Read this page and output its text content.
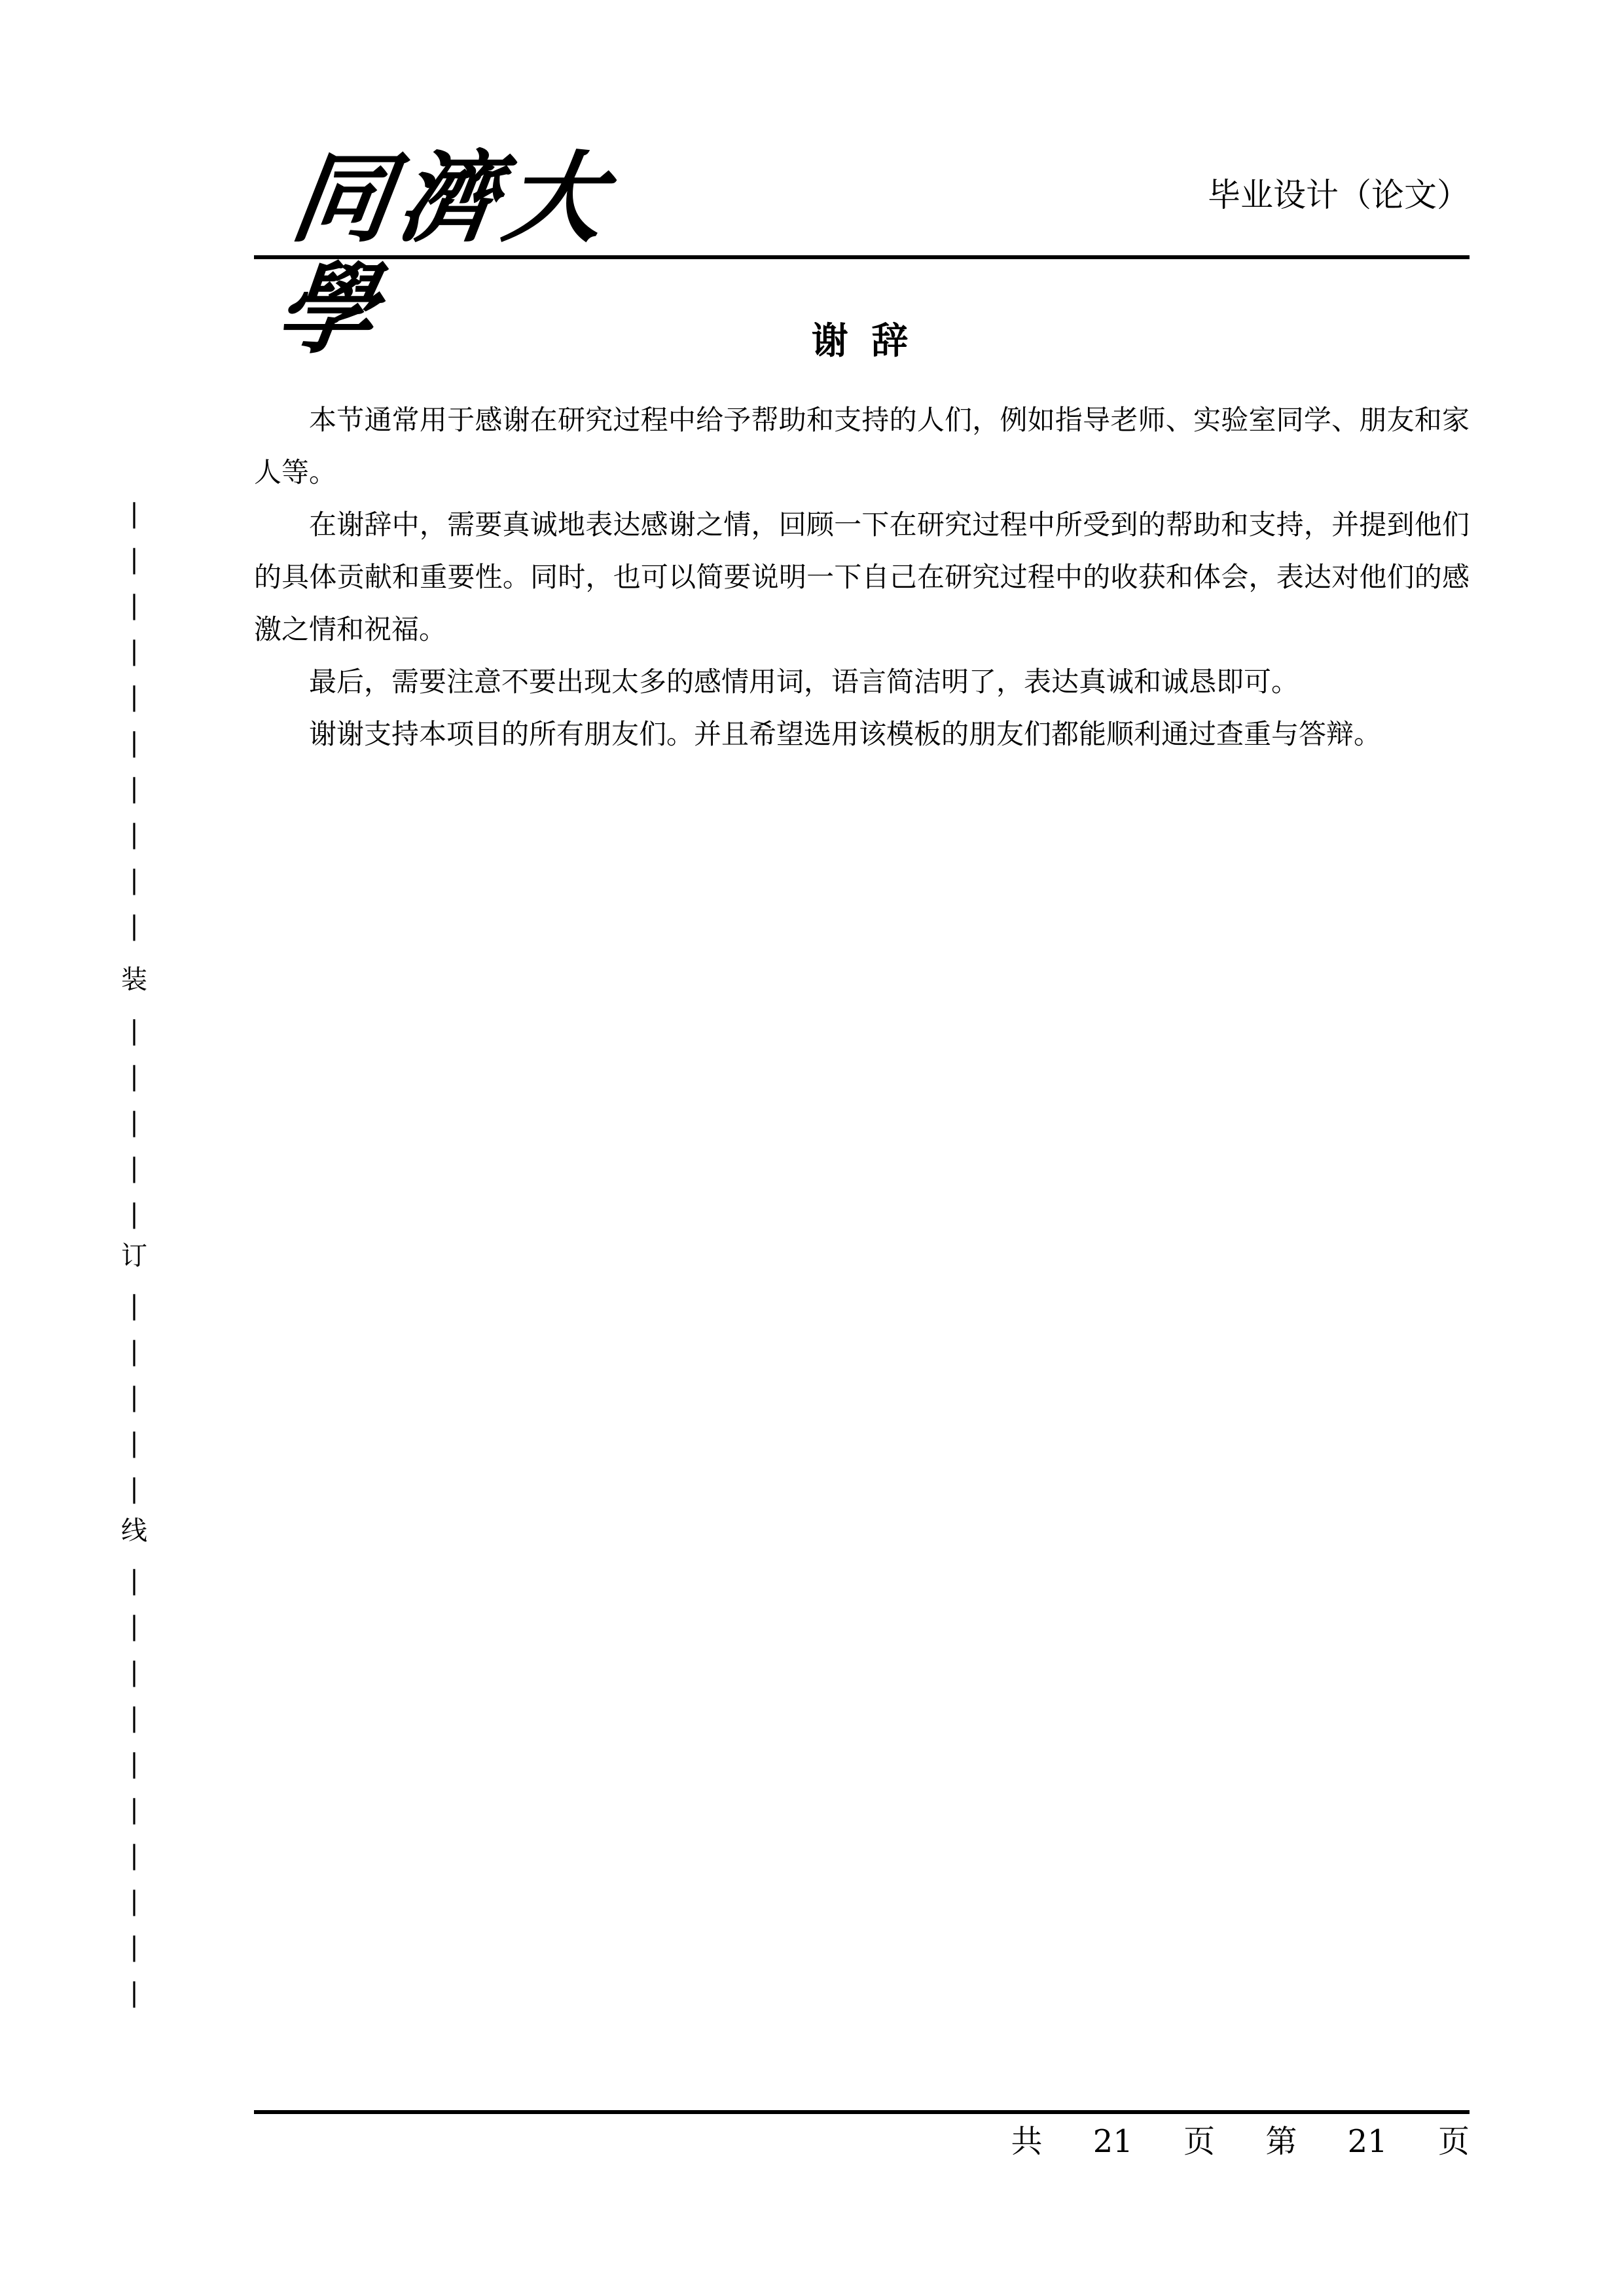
同濟大學
毕业设计（论文）
谢 辞

本节通常用于感谢在研究过程中给予帮助和支持的人们，例如指导老师、实验室同学、朋友和家人等。

在谢辞中，需要真诚地表达感谢之情，回顾一下在研究过程中所受到的帮助和支持，并提到他们的具体贡献和重要性。同时，也可以简要说明一下自己在研究过程中的收获和体会，表达对他们的感激之情和祝福。

最后，需要注意不要出现太多的感情用词，语言简洁明了，表达真诚和诚恳即可。

谢谢支持本项目的所有朋友们。并且希望选用该模板的朋友们都能顺利通过查重与答辩。

|
|
|
|
|
|
|
|
|
|
装
|
|
|
|
|
订
|
|
|
|
|
线
|
|
|
|
|
|
|
|
|
|
共 21 页 第 21 页
